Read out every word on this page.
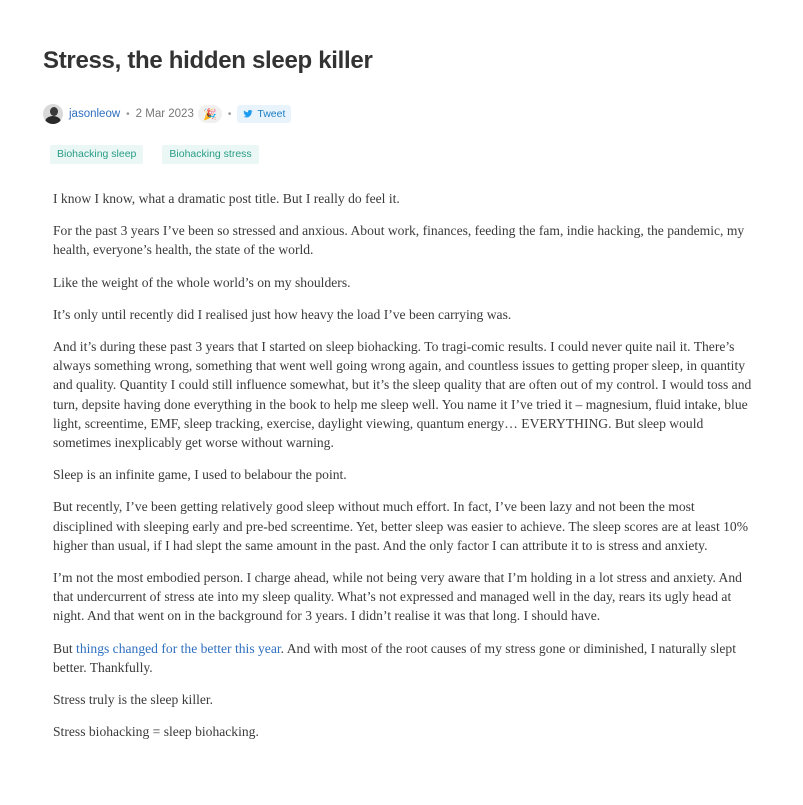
Stress, the hidden sleep killer
jasonleow • 2 Mar 2023 🎉 • Tweet
Biohacking sleep	Biohacking stress

I know I know, what a dramatic post title. But I really do feel it.

For the past 3 years I’ve been so stressed and anxious. About work, finances, feeding the fam, indie hacking, the pandemic, my health, everyone’s health, the state of the world.

Like the weight of the whole world’s on my shoulders.

It’s only until recently did I realised just how heavy the load I’ve been carrying was.

And it’s during these past 3 years that I started on sleep biohacking. To tragi-comic results. I could never quite nail it. There’s always something wrong, something that went well going wrong again, and countless issues to getting proper sleep, in quantity and quality. Quantity I could still influence somewhat, but it’s the sleep quality that are often out of my control. I would toss and turn, depsite having done everything in the book to help me sleep well. You name it I’ve tried it – magnesium, fluid intake, blue light, screentime, EMF, sleep tracking, exercise, daylight viewing, quantum energy… EVERYTHING. But sleep would sometimes inexplicably get worse without warning.

Sleep is an infinite game, I used to belabour the point.

But recently, I’ve been getting relatively good sleep without much effort. In fact, I’ve been lazy and not been the most disciplined with sleeping early and pre-bed screentime. Yet, better sleep was easier to achieve. The sleep scores are at least 10% higher than usual, if I had slept the same amount in the past. And the only factor I can attribute it to is stress and anxiety.

I’m not the most embodied person. I charge ahead, while not being very aware that I’m holding in a lot stress and anxiety. And that undercurrent of stress ate into my sleep quality. What’s not expressed and managed well in the day, rears its ugly head at night. And that went on in the background for 3 years. I didn’t realise it was that long. I should have.

But things changed for the better this year. And with most of the root causes of my stress gone or diminished, I naturally slept better. Thankfully.

Stress truly is the sleep killer.

Stress biohacking = sleep biohacking.
